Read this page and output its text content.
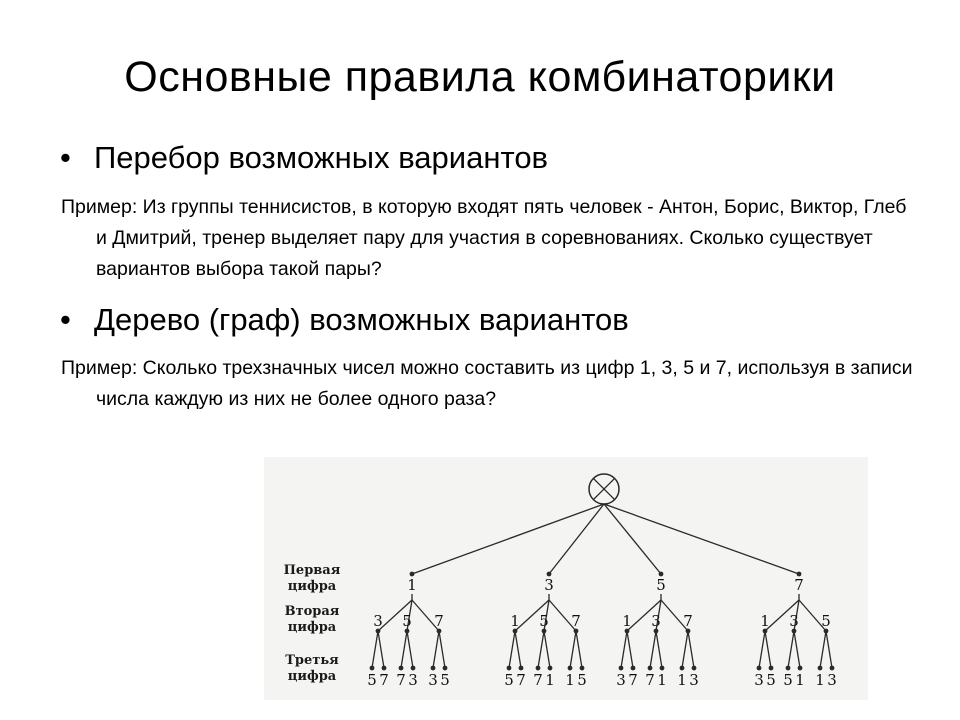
Основные правила комбинаторики
• Перебор возможных вариантов
Пример: Из группы теннисистов, в которую входят пять человек - Антон, Борис, Виктор, Глеб и Дмитрий, тренер выделяет пару для участия в соревнованиях. Сколько существует вариантов выбора такой пары?
• Дерево (граф) возможных вариантов
Пример: Сколько трехзначных чисел можно составить из цифр 1, 3, 5 и 7, используя в записи числа каждую из них не более одного раза?
1
3
5 7
5
7 3
7
3 5
3
1
5 7
5
7 1
7
1 5
5
1
3 7
3
7 1
7
1 3
7
1
3 5
3
5 1
5
1 3
Первая
цифра
Вторая
цифра
Третья
цифра
